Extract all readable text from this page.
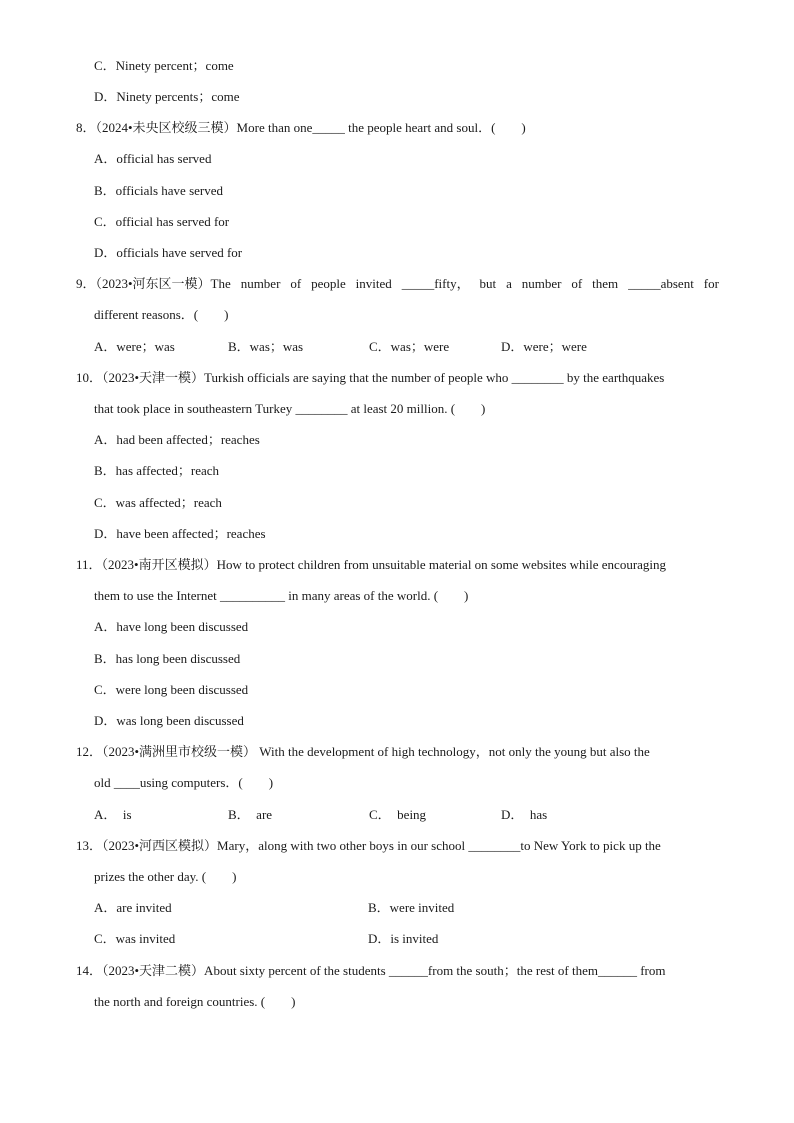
C．Ninety percent；come
D．Ninety percents；come
8．（2024•未央区校级三模）More than one_____ the people heart and soul．(　　)
A．official has served
B．officials have served
C．official has served for
D．officials have served for
9．（2023•河东区一模）The number of people invited _____fifty， but a number of them _____absent for
different reasons．(　　)
A．were；was	B．was；was	C．was；were	D．were；were
10．（2023•天津一模）Turkish officials are saying that the number of people who ________ by the earthquakes
that took place in southeastern Turkey ________ at least 20 million. (　　)
A．had been affected；reaches
B．has affected；reach
C．was affected；reach
D．have been affected；reaches
11．（2023•南开区模拟）How to protect children from unsuitable material on some websites while encouraging
them to use the Internet __________ in many areas of the world. (　　)
A．have long been discussed
B．has long been discussed
C．were long been discussed
D．was long been discussed
12．（2023•满洲里市校级一模） With the development of high technology，not only the young but also the
old ____using computers．(　　)
A．  is	B．  are	C．  being	D．  has
13．（2023•河西区模拟）Mary，along with two other boys in our school ________to New York to pick up the
prizes the other day. (　　)
A．are invited	B．were invited
C．was invited	D．is invited
14．（2023•天津二模）About sixty percent of the students ______from the south；the rest of them______ from
the north and foreign countries. (　　)
